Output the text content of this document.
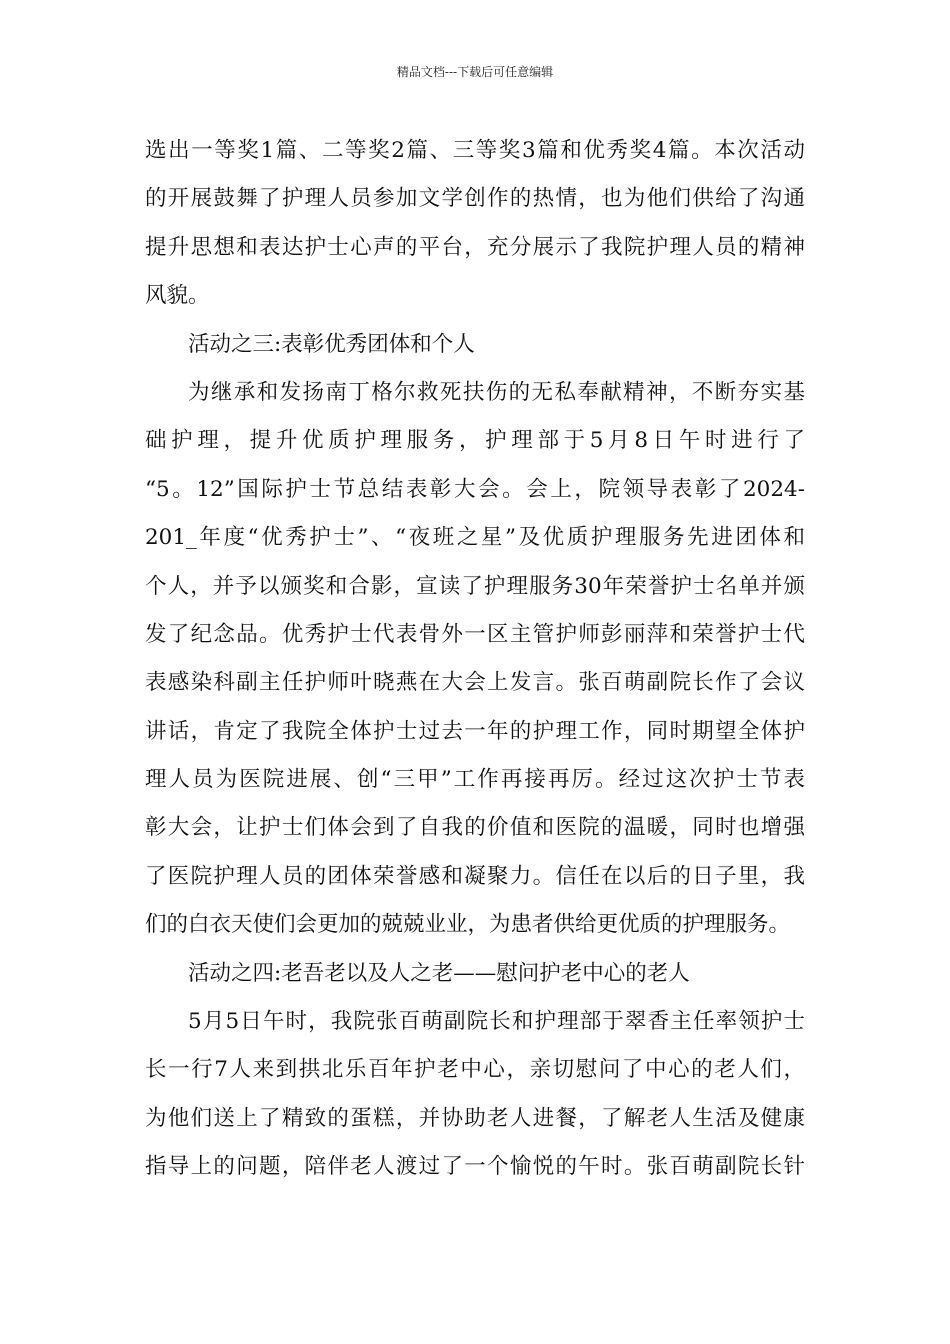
精品文档---下载后可任意编辑
选出一等奖1篇、二等奖2篇、三等奖3篇和优秀奖4篇。本次活动
的开展鼓舞了护理人员参加文学创作的热情，也为他们供给了沟通
提升思想和表达护士心声的平台，充分展示了我院护理人员的精神
风貌。
活动之三:表彰优秀团体和个人
为继承和发扬南丁格尔救死扶伤的无私奉献精神，不断夯实基
础护理，提升优质护理服务，护理部于5月8日午时进行了
“5。12”国际护士节总结表彰大会。会上，院领导表彰了2024-
201_年度“优秀护士”、“夜班之星”及优质护理服务先进团体和
个人，并予以颁奖和合影，宣读了护理服务30年荣誉护士名单并颁
发了纪念品。优秀护士代表骨外一区主管护师彭丽萍和荣誉护士代
表感染科副主任护师叶晓燕在大会上发言。张百萌副院长作了会议
讲话，肯定了我院全体护士过去一年的护理工作，同时期望全体护
理人员为医院进展、创“三甲”工作再接再厉。经过这次护士节表
彰大会，让护士们体会到了自我的价值和医院的温暖，同时也增强
了医院护理人员的团体荣誉感和凝聚力。信任在以后的日子里，我
们的白衣天使们会更加的兢兢业业，为患者供给更优质的护理服务。
活动之四:老吾老以及人之老——慰问护老中心的老人
5月5日午时，我院张百萌副院长和护理部于翠香主任率领护士
长一行7人来到拱北乐百年护老中心，亲切慰问了中心的老人们，
为他们送上了精致的蛋糕，并协助老人进餐，了解老人生活及健康
指导上的问题，陪伴老人渡过了一个愉悦的午时。张百萌副院长针
